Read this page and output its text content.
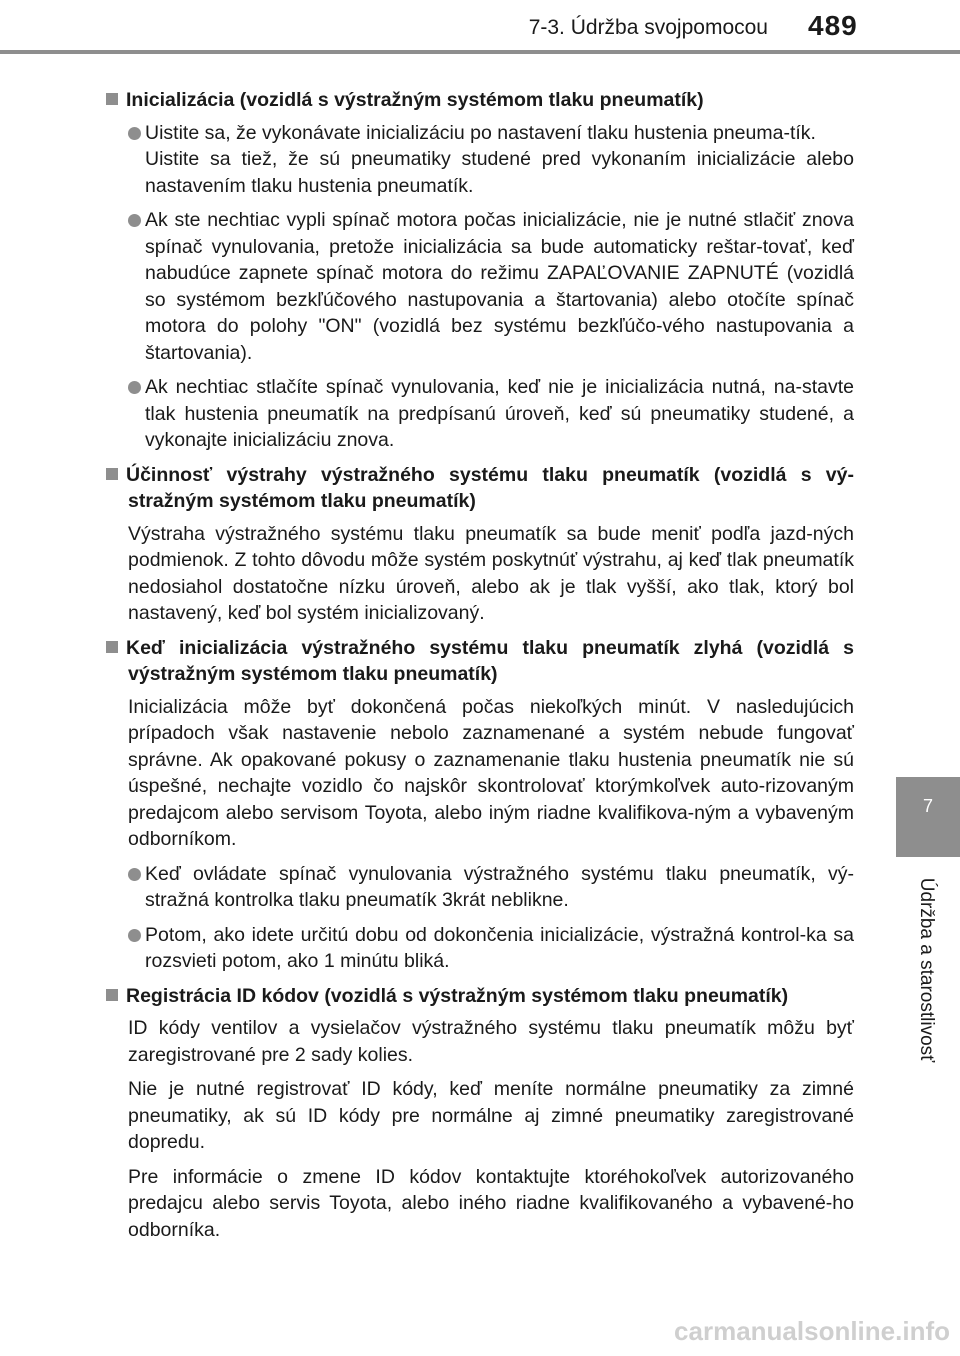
7-3. Údržba svojpomocou 489
7
Údržba a starostlivosť

Inicializácia (vozidlá s výstražným systémom tlaku pneumatík)

Uistite sa, že vykonávate inicializáciu po nastavení tlaku hustenia pneuma-tík.
Uistite sa tiež, že sú pneumatiky studené pred vykonaním inicializácie alebo nastavením tlaku hustenia pneumatík.
Ak ste nechtiac vypli spínač motora počas inicializácie, nie je nutné stlačiť znova spínač vynulovania, pretože inicializácia sa bude automaticky reštar-tovať, keď nabudúce zapnete spínač motora do režimu ZAPAĽOVANIE ZAPNUTÉ (vozidlá so systémom bezkľúčového nastupovania a štartovania) alebo otočíte spínač motora do polohy "ON" (vozidlá bez systému bezkľúčo-vého nastupovania a štartovania).
Ak nechtiac stlačíte spínač vynulovania, keď nie je inicializácia nutná, na-stavte tlak hustenia pneumatík na predpísanú úroveň, keď sú pneumatiky studené, a vykonajte inicializáciu znova.

Účinnosť výstrahy výstražného systému tlaku pneumatík (vozidlá s vý-stražným systémom tlaku pneumatík)

Výstraha výstražného systému tlaku pneumatík sa bude meniť podľa jazd-ných podmienok. Z tohto dôvodu môže systém poskytnúť výstrahu, aj keď tlak pneumatík nedosiahol dostatočne nízku úroveň, alebo ak je tlak vyšší, ako tlak, ktorý bol nastavený, keď bol systém inicializovaný.

Keď inicializácia výstražného systému tlaku pneumatík zlyhá (vozidlá s výstražným systémom tlaku pneumatík)

Inicializácia môže byť dokončená počas niekoľkých minút. V nasledujúcich prípadoch však nastavenie nebolo zaznamenané a systém nebude fungovať správne. Ak opakované pokusy o zaznamenanie tlaku hustenia pneumatík nie sú úspešné, nechajte vozidlo čo najskôr skontrolovať ktorýmkoľvek auto-rizovaným predajcom alebo servisom Toyota, alebo iným riadne kvalifikova-ným a vybaveným odborníkom.
Keď ovládate spínač vynulovania výstražného systému tlaku pneumatík, vý-stražná kontrolka tlaku pneumatík 3krát neblikne.
Potom, ako idete určitú dobu od dokončenia inicializácie, výstražná kontrol-ka sa rozsvieti potom, ako 1 minútu bliká.

Registrácia ID kódov (vozidlá s výstražným systémom tlaku pneumatík)

ID kódy ventilov a vysielačov výstražného systému tlaku pneumatík môžu byť zaregistrované pre 2 sady kolies.
Nie je nutné registrovať ID kódy, keď meníte normálne pneumatiky za zimné pneumatiky, ak sú ID kódy pre normálne aj zimné pneumatiky zaregistrované dopredu.
Pre informácie o zmene ID kódov kontaktujte ktoréhokoľvek autorizovaného predajcu alebo servis Toyota, alebo iného riadne kvalifikovaného a vybavené-ho odborníka.
carmanualsonline.info
